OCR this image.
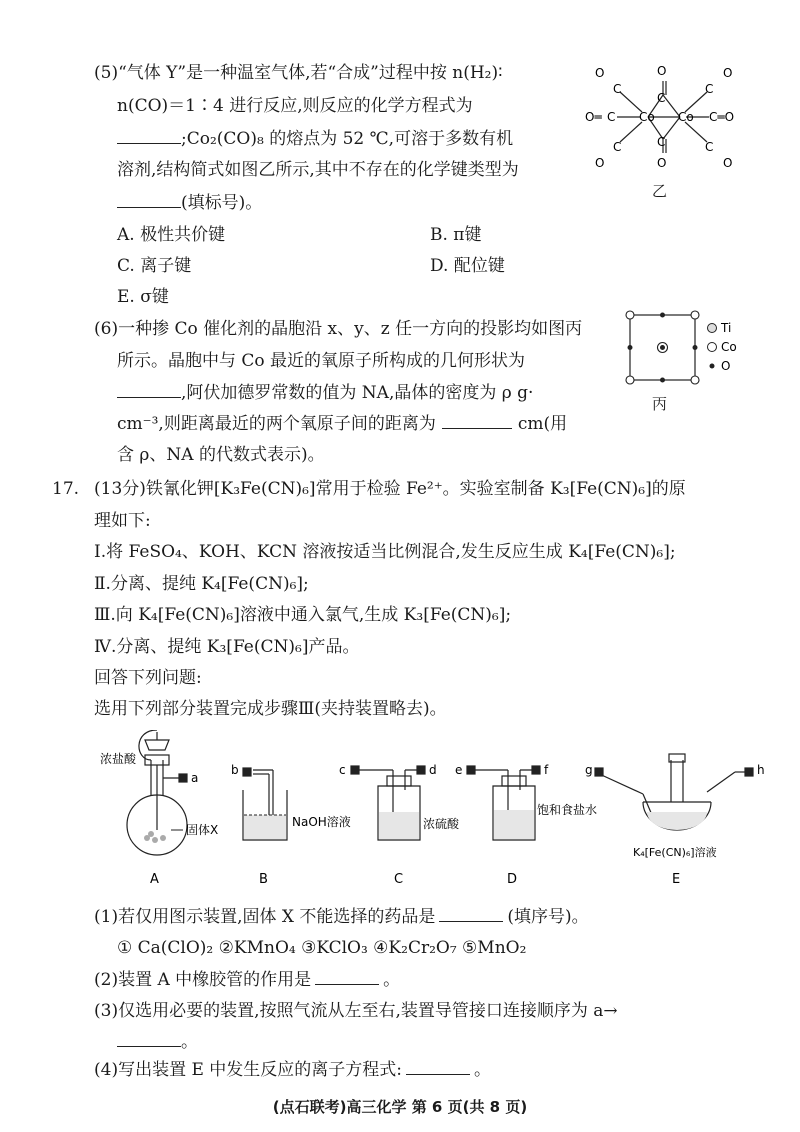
(5)“气体 Y”是一种温室气体,若“合成”过程中按 n(H₂)∶
n(CO)＝1∶4 进行反应,则反应的化学方程式为
;Co₂(CO)₈ 的熔点为 52 ℃,可溶于多数有机
溶剂,结构简式如图乙所示,其中不存在的化学键类型为
(填标号)。
A. 极性共价键	B. π键
C. 离子键	D. 配位键
E. σ键
O
C
C
O
Co Co
C
O═
C
O
C
O
C═O
C
O
C
O
乙
(6)一种掺 Co 催化剂的晶胞沿 x、y、z 任一方向的投影均如图丙
所示。晶胞中与 Co 最近的氧原子所构成的几何形状为
,阿伏加德罗常数的值为 NA,晶体的密度为 ρ g·
cm⁻³,则距离最近的两个氧原子间的距离为	cm(用
含 ρ、NA 的代数式表示)。
Ti
Co
O
丙
17. (13分)铁氰化钾[K₃Fe(CN)₆]常用于检验 Fe²⁺。实验室制备 K₃[Fe(CN)₆]的原
理如下:
Ⅰ.将 FeSO₄、KOH、KCN 溶液按适当比例混合,发生反应生成 K₄[Fe(CN)₆];
Ⅱ.分离、提纯 K₄[Fe(CN)₆];
Ⅲ.向 K₄[Fe(CN)₆]溶液中通入氯气,生成 K₃[Fe(CN)₆];
Ⅳ.分离、提纯 K₃[Fe(CN)₆]产品。
回答下列问题:
选用下列部分装置完成步骤Ⅲ(夹持装置略去)。
浓盐酸
a
固体X
A
b
NaOH溶液
B
c	d
浓硫酸
C
e	f
饱和食盐水
D
g	h
K₄[Fe(CN)₆]溶液
E
(1)若仅用图示装置,固体 X 不能选择的药品是	(填序号)。
① Ca(ClO)₂ ②KMnO₄ ③KClO₃ ④K₂Cr₂O₇ ⑤MnO₂
(2)装置 A 中橡胶管的作用是	。
(3)仅选用必要的装置,按照气流从左至右,装置导管接口连接顺序为 a→
。
(4)写出装置 E 中发生反应的离子方程式:	。
(点石联考)高三化学 第 6 页(共 8 页)
